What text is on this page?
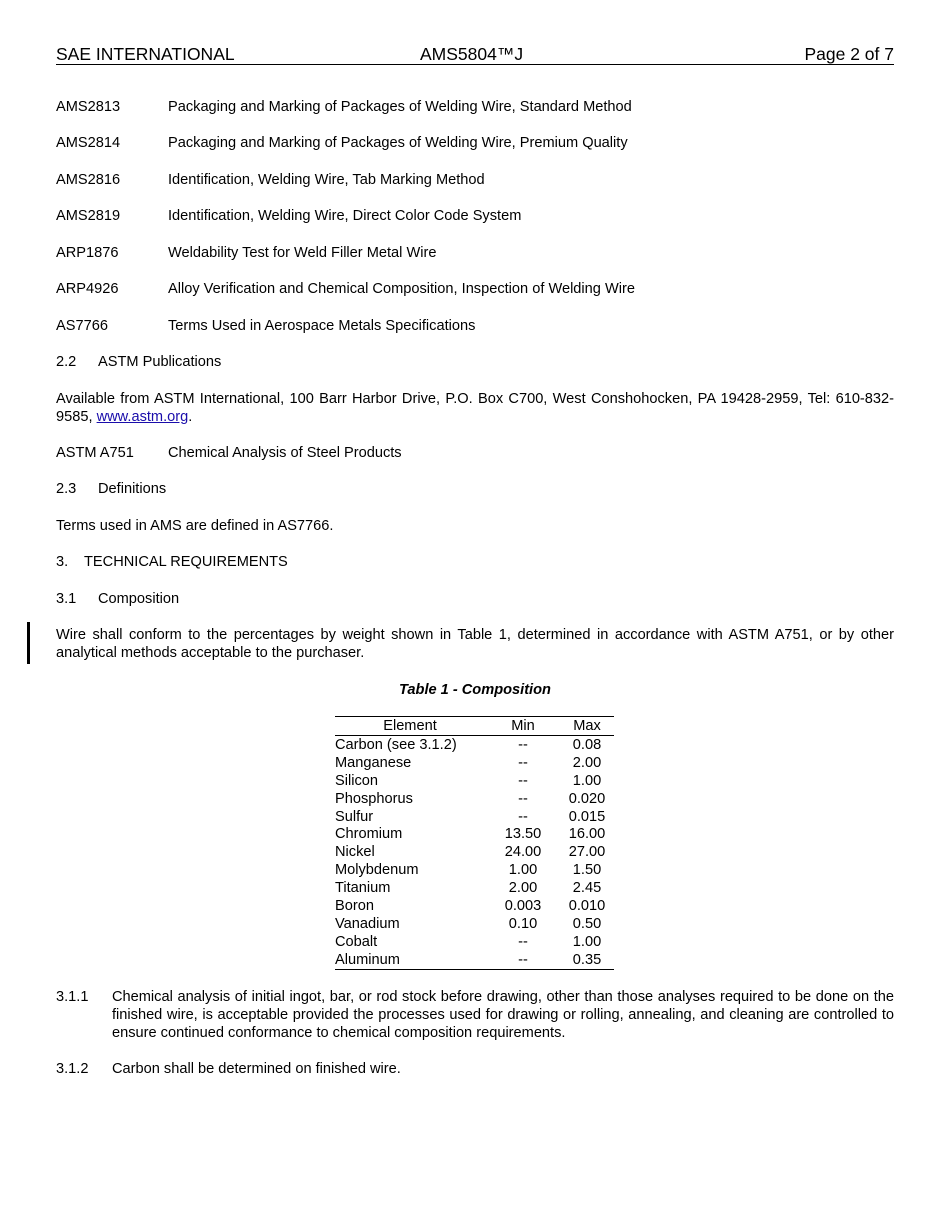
SAE INTERNATIONAL	AMS5804™J	Page 2 of 7
AMS2813	Packaging and Marking of Packages of Welding Wire, Standard Method
AMS2814	Packaging and Marking of Packages of Welding Wire, Premium Quality
AMS2816	Identification, Welding Wire, Tab Marking Method
AMS2819	Identification, Welding Wire, Direct Color Code System
ARP1876	Weldability Test for Weld Filler Metal Wire
ARP4926	Alloy Verification and Chemical Composition, Inspection of Welding Wire
AS7766	Terms Used in Aerospace Metals Specifications
2.2 ASTM Publications
Available from ASTM International, 100 Barr Harbor Drive, P.O. Box C700, West Conshohocken, PA 19428-2959, Tel: 610-832-9585, www.astm.org.
ASTM A751 Chemical Analysis of Steel Products
2.3 Definitions
Terms used in AMS are defined in AS7766.
3. TECHNICAL REQUIREMENTS
3.1 Composition
Wire shall conform to the percentages by weight shown in Table 1, determined in accordance with ASTM A751, or by other analytical methods acceptable to the purchaser.
Table 1 - Composition
Element	Min	Max
Carbon (see 3.1.2)	--	0.08
Manganese	--	2.00
Silicon	--	1.00
Phosphorus	--	0.020
Sulfur	--	0.015
Chromium	13.50	16.00
Nickel	24.00	27.00
Molybdenum	1.00	1.50
Titanium	2.00	2.45
Boron	0.003	0.010
Vanadium	0.10	0.50
Cobalt	--	1.00
Aluminum	--	0.35
3.1.1 Chemical analysis of initial ingot, bar, or rod stock before drawing, other than those analyses required to be done on the finished wire, is acceptable provided the processes used for drawing or rolling, annealing, and cleaning are controlled to ensure continued conformance to chemical composition requirements.
3.1.2 Carbon shall be determined on finished wire.
